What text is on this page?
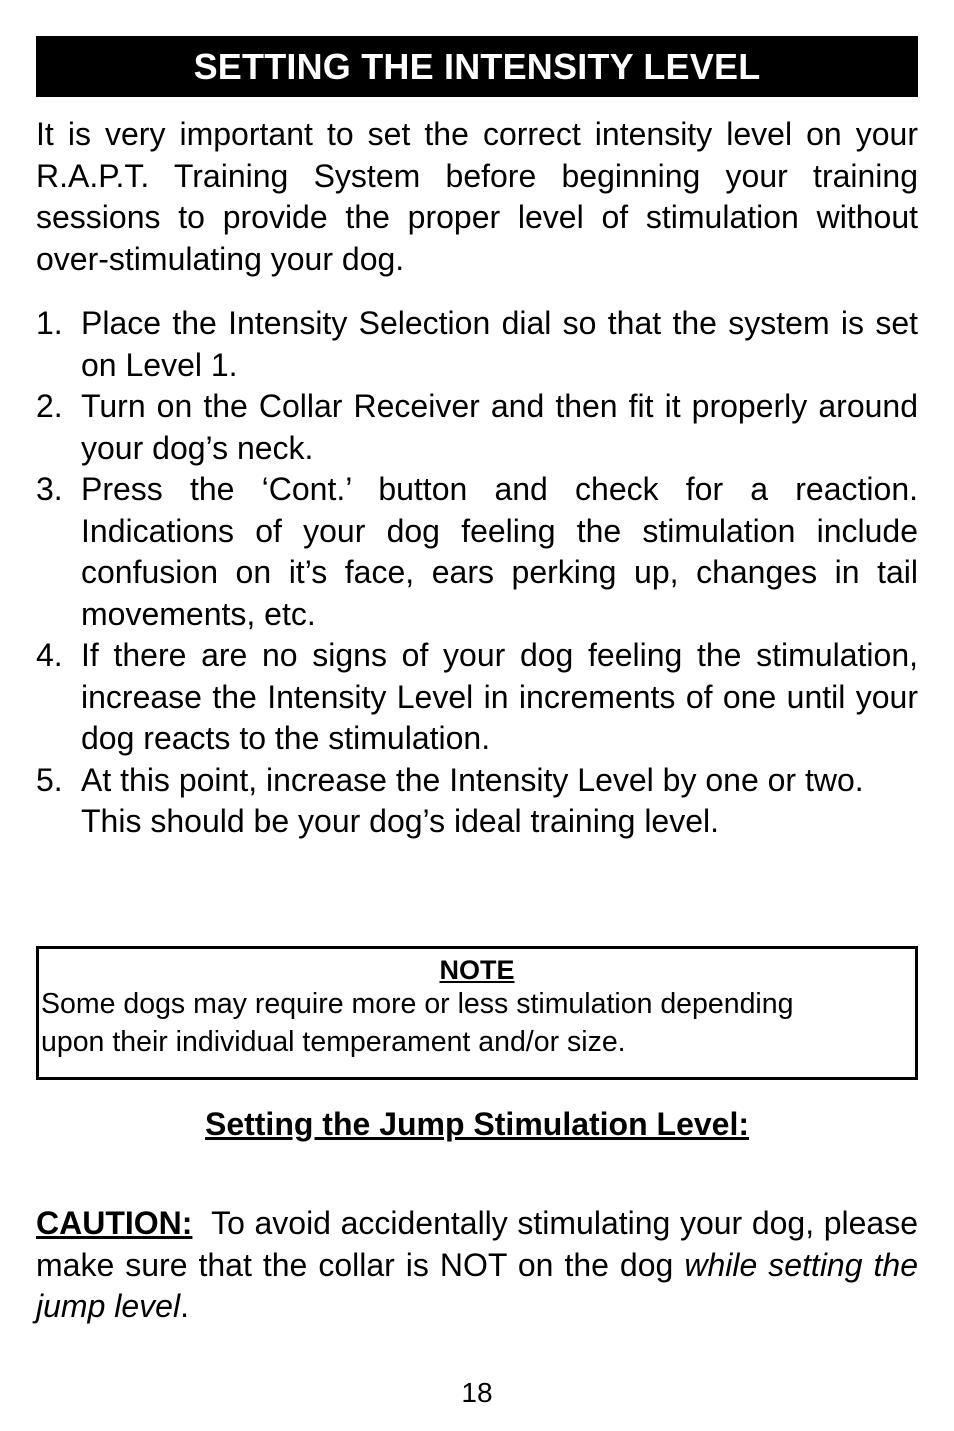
SETTING THE INTENSITY LEVEL

It is very important to set the correct intensity level on your R.A.P.T. Training System before beginning your training sessions to provide the proper level of stimulation without over-stimulating your dog.

1. Place the Intensity Selection dial so that the system is set on Level 1.
2. Turn on the Collar Receiver and then fit it properly around your dog’s neck.
3. Press the ‘Cont.’ button and check for a reaction. Indications of your dog feeling the stimulation include confusion on it’s face, ears perking up, changes in tail movements, etc.
4. If there are no signs of your dog feeling the stimulation, increase the Intensity Level in increments of one until your dog reacts to the stimulation.
5. At this point, increase the Intensity Level by one or two. This should be your dog’s ideal training level.
NOTE
Some dogs may require more or less stimulation depending
upon their individual temperament and/or size.
Setting the Jump Stimulation Level:

CAUTION:  To avoid accidentally stimulating your dog, please make sure that the collar is NOT on the dog while setting the jump level.

18
